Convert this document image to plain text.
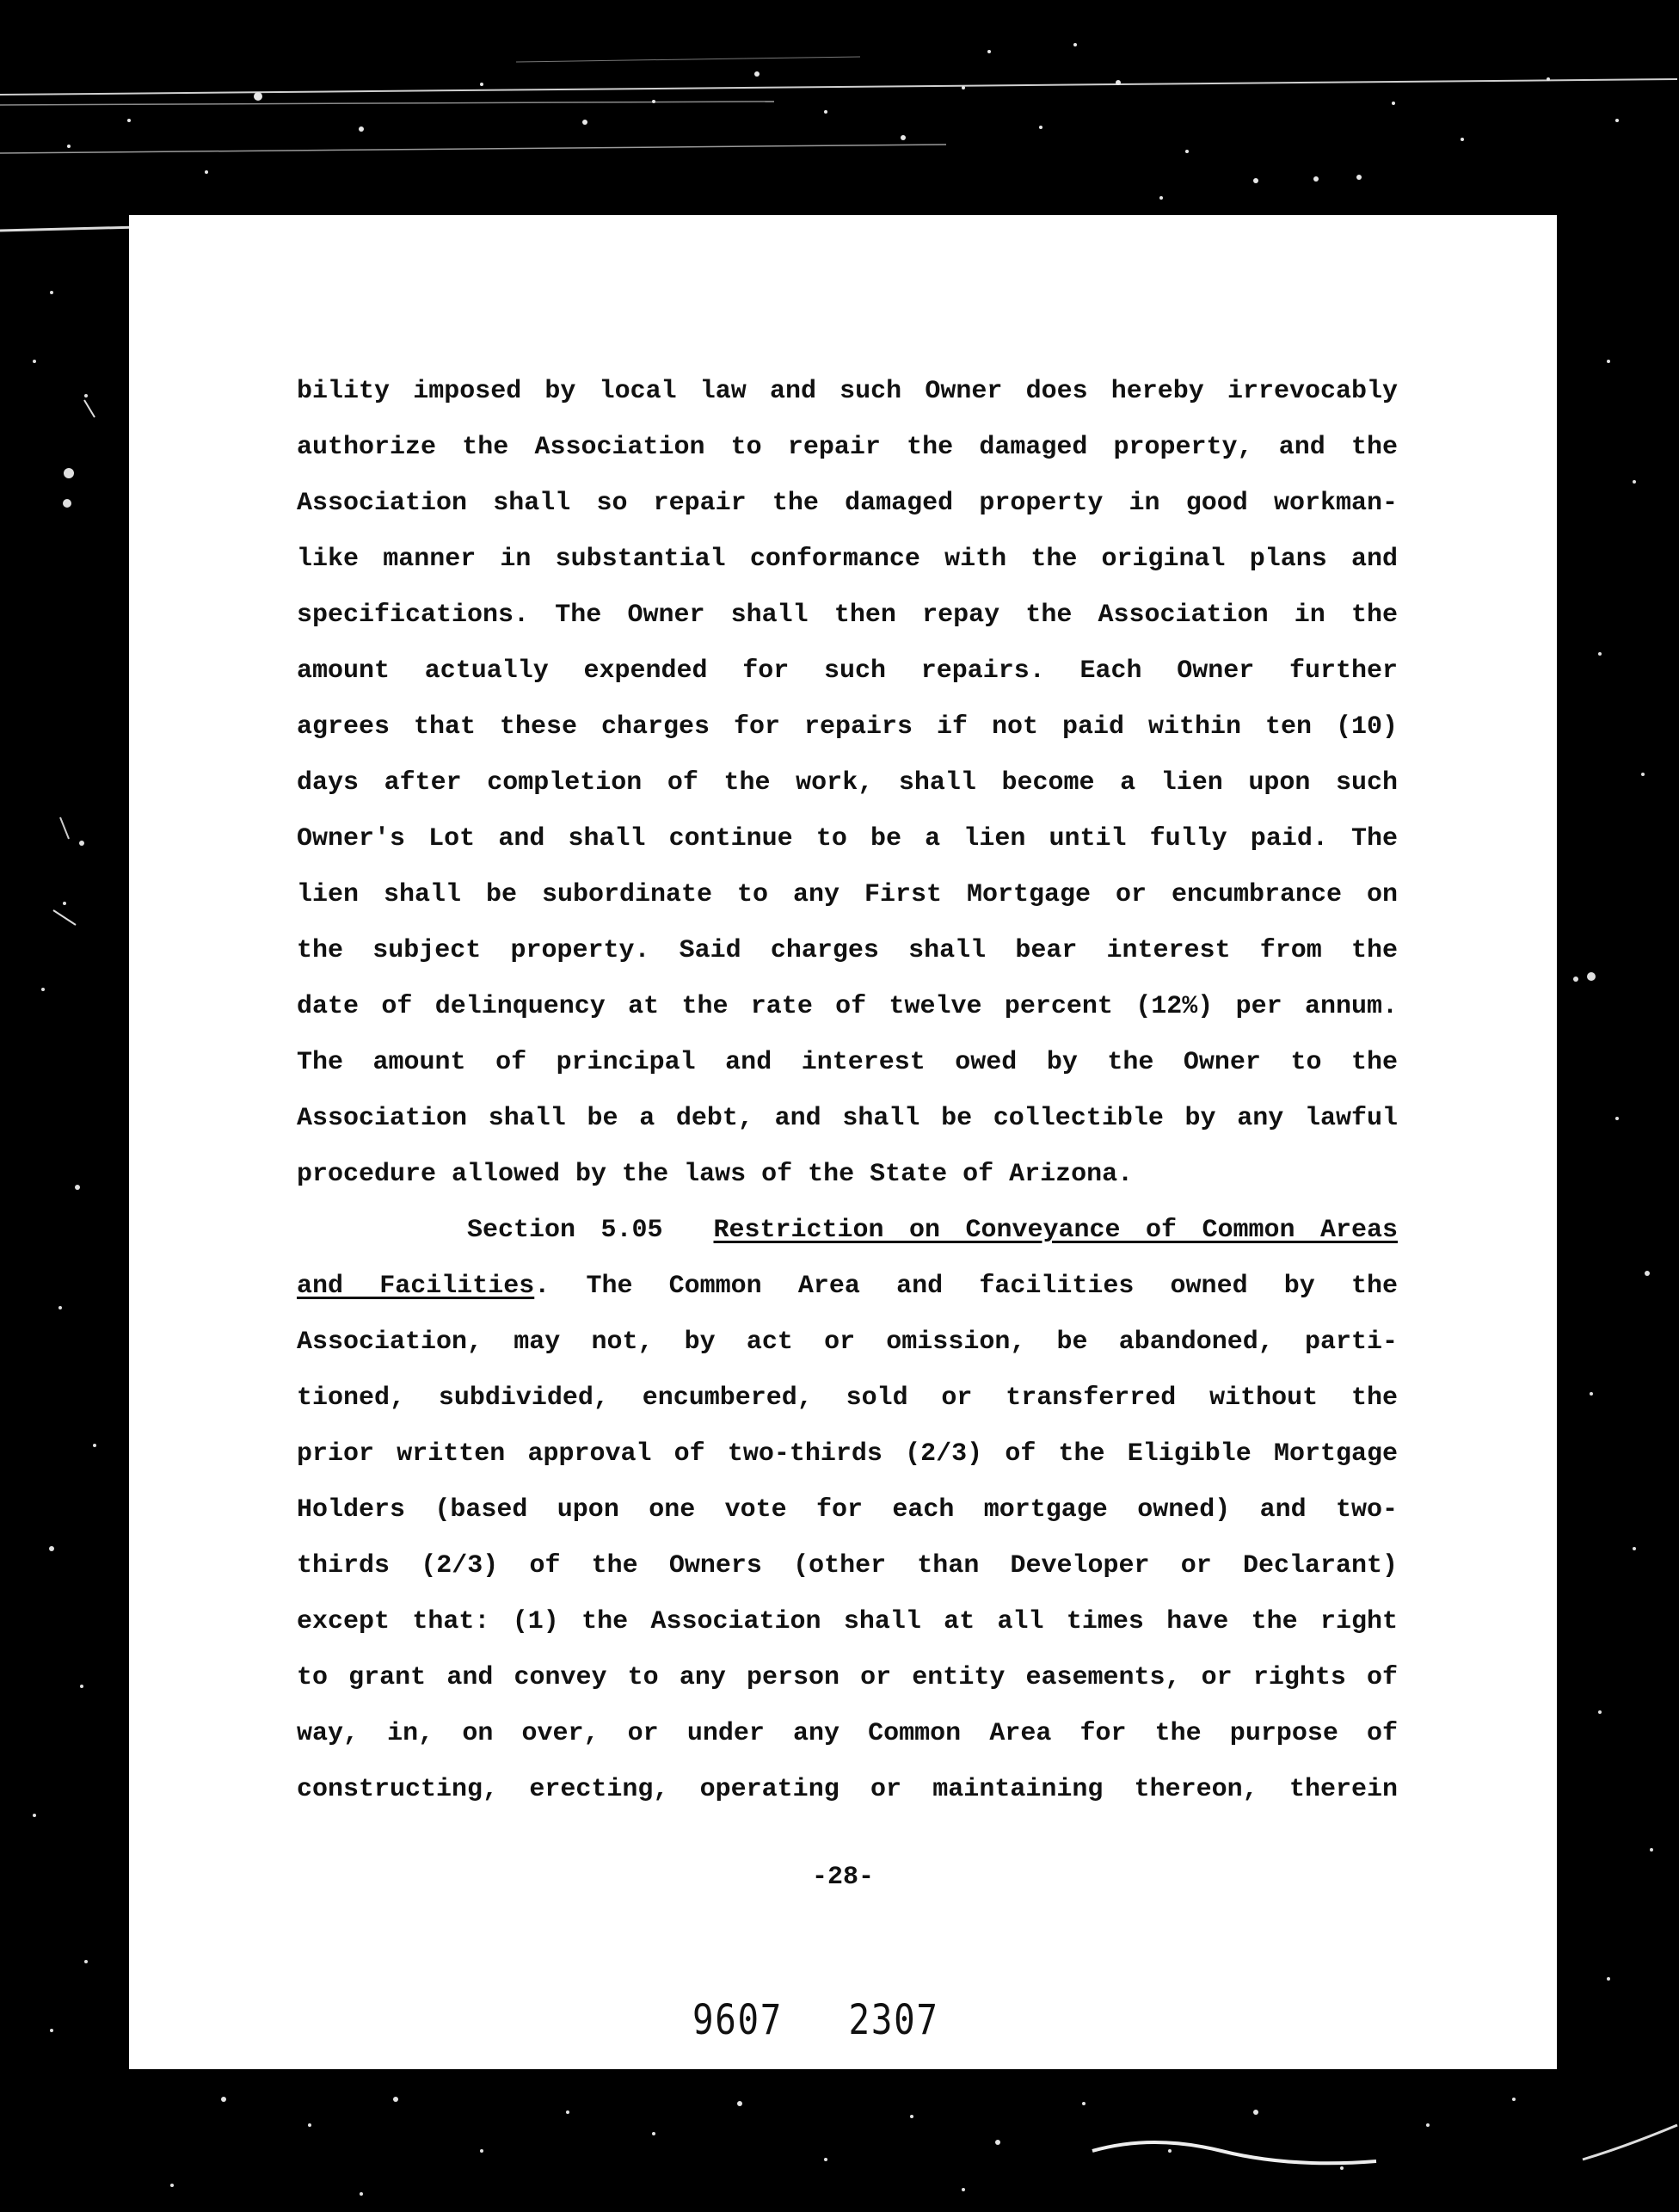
bility imposed by local law and such Owner does hereby irrevocably
authorize the Association to repair the damaged property, and the
Association shall so repair the damaged property in good workman-
like manner in substantial conformance with the original plans and
specifications. The Owner shall then repay the Association in the
amount actually expended for such repairs. Each Owner further
agrees that these charges for repairs if not paid within ten (10)
days after completion of the work, shall become a lien upon such
Owner's Lot and shall continue to be a lien until fully paid. The
lien shall be subordinate to any First Mortgage or encumbrance on
the subject property. Said charges shall bear interest from the
date of delinquency at the rate of twelve percent (12%) per annum.
The amount of principal and interest owed by the Owner to the
Association shall be a debt, and shall be collectible by any lawful
procedure allowed by the laws of the State of Arizona.
Section 5.05 Restriction on Conveyance of Common Areas
and Facilities. The Common Area and facilities owned by the
Association, may not, by act or omission, be abandoned, parti-
tioned, subdivided, encumbered, sold or transferred without the
prior written approval of two-thirds (2/3) of the Eligible Mortgage
Holders (based upon one vote for each mortgage owned) and two-
thirds (2/3) of the Owners (other than Developer or Declarant)
except that: (1) the Association shall at all times have the right
to grant and convey to any person or entity easements, or rights of
way, in, on over, or under any Common Area for the purpose of
constructing, erecting, operating or maintaining thereon, therein
-28-
9607 2307
